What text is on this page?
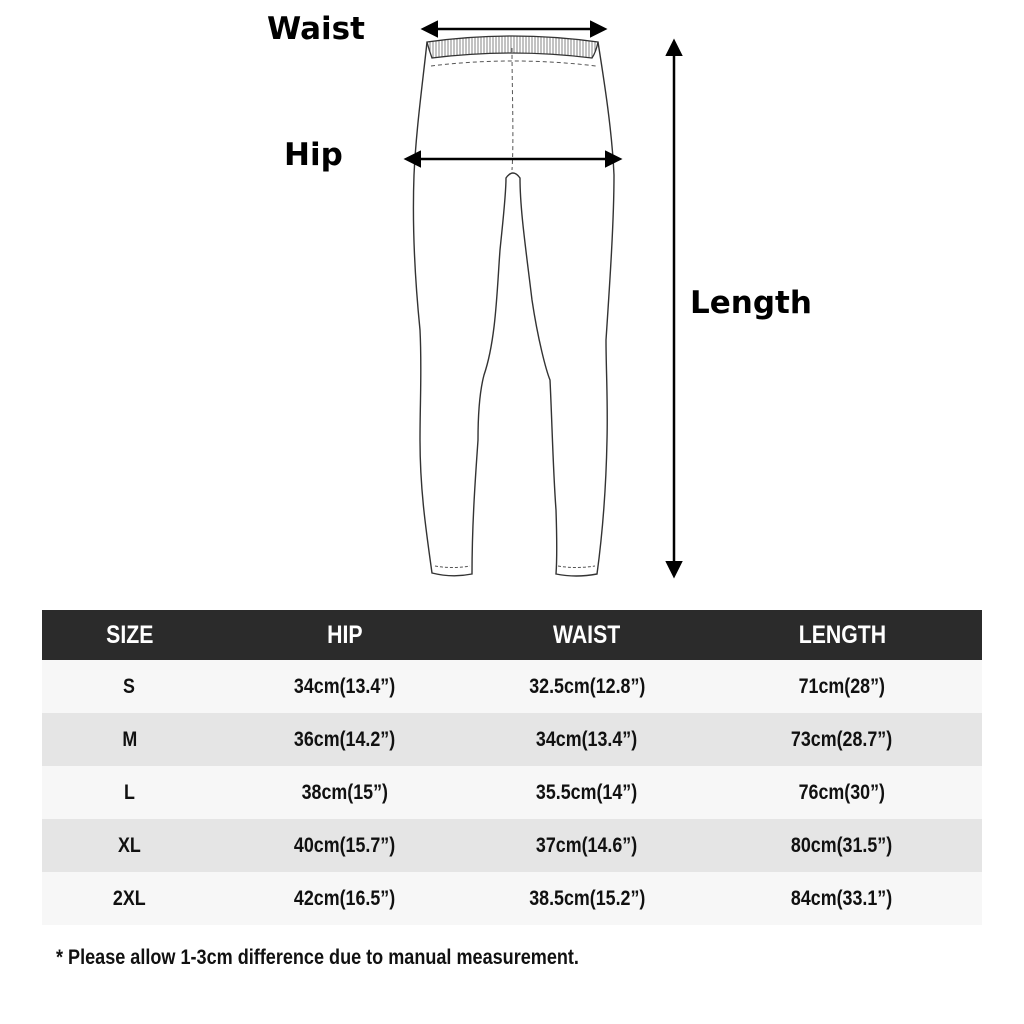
Waist
Hip
Length
SIZE	HIP	WAIST	LENGTH
S	34cm(13.4”)	32.5cm(12.8”)	71cm(28”)
M	36cm(14.2”)	34cm(13.4”)	73cm(28.7”)
L	38cm(15”)	35.5cm(14”)	76cm(30”)
XL	40cm(15.7”)	37cm(14.6”)	80cm(31.5”)
2XL	42cm(16.5”)	38.5cm(15.2”)	84cm(33.1”)
* Please allow 1-3cm difference due to manual measurement.
